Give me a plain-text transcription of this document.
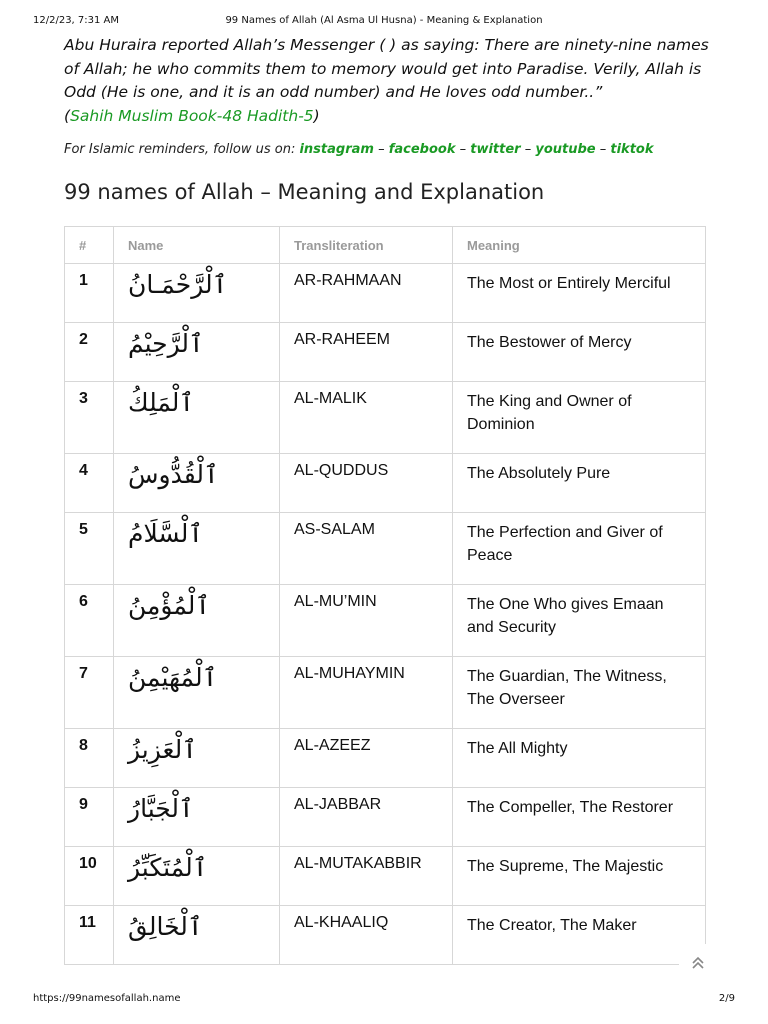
99 Names of Allah (Al Asma Ul Husna) - Meaning & Explanation
12/2/23, 7:31 AM

Abu Huraira reported Allah’s Messenger ( ) as saying: There are ninety-nine names of Allah; he who commits them to memory would get into Paradise. Verily, Allah is Odd (He is one, and it is an odd number) and He loves odd number..”
(Sahih Muslim Book-48 Hadith-5)

For Islamic reminders, follow us on: instagram – facebook – twitter – youtube – tiktok

99 names of Allah – Meaning and Explanation
#	Name	Transliteration	Meaning
1	ٱلْرَّحْمَـانُ	AR-RAHMAAN	The Most or Entirely Merciful
2	ٱلْرَّحِيْمُ	AR-RAHEEM	The Bestower of Mercy
3	ٱلْمَلِكُ	AL-MALIK	The King and Owner of Dominion
4	ٱلْقُدُّوسُ	AL-QUDDUS	The Absolutely Pure
5	ٱلْسَّلَامُ	AS-SALAM	The Perfection and Giver of Peace
6	ٱلْمُؤْمِنُ	AL-MU’MIN	The One Who gives Emaan and Security
7	ٱلْمُهَيْمِنُ	AL-MUHAYMIN	The Guardian, The Witness, The Overseer
8	ٱلْعَزِيزُ	AL-AZEEZ	The All Mighty
9	ٱلْجَبَّارُ	AL-JABBAR	The Compeller, The Restorer
10	ٱلْمُتَكَبِّرُ	AL-MUTAKABBIR	The Supreme, The Majestic
11	ٱلْخَالِقُ	AL-KHAALIQ	The Creator, The Maker
https://99namesofallah.name	2/9
